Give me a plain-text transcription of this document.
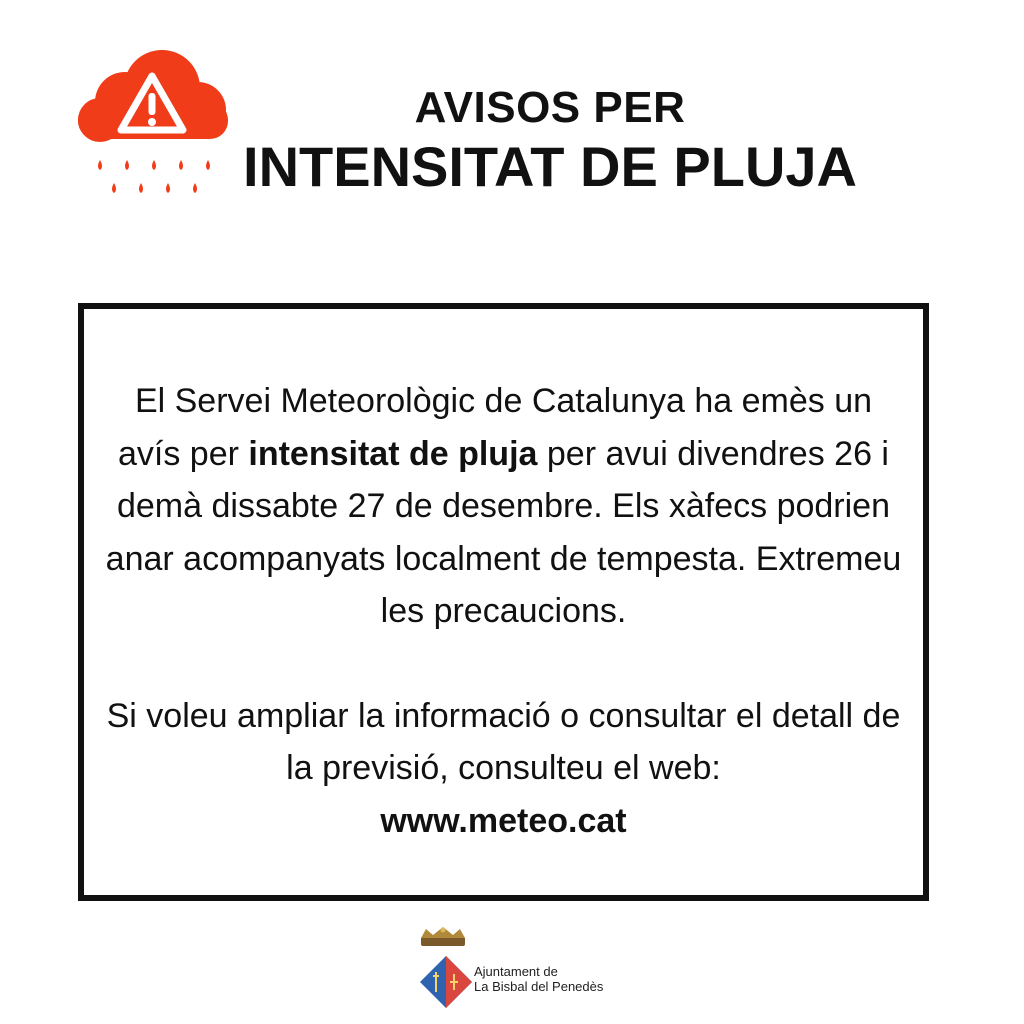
AVISOS PER
INTENSITAT DE PLUJA

El Servei Meteorològic de Catalunya ha emès un avís per intensitat de pluja per avui divendres 26 i demà dissabte 27 de desembre. Els xàfecs podrien anar acompanyats localment de tempesta. Extremeu les precaucions.

Si voleu ampliar la informació o consultar el detall de la previsió, consulteu el web:
www.meteo.cat

Ajuntament de
La Bisbal del Penedès
